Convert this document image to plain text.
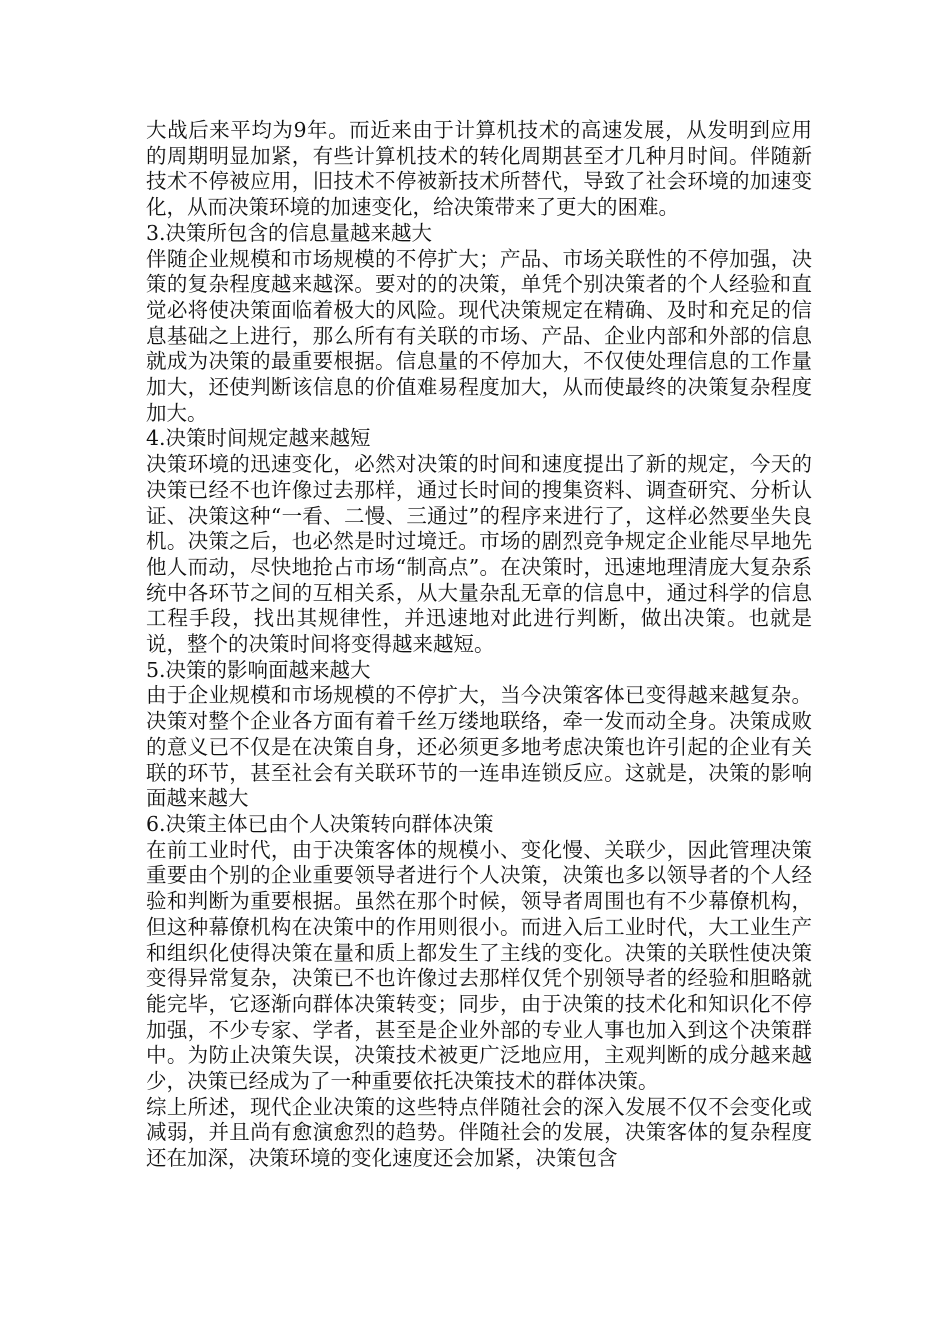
大战后来平均为9年。而近来由于计算机技术的高速发展，从发明到应用的周期明显加紧，有些计算机技术的转化周期甚至才几种月时间。伴随新技术不停被应用，旧技术不停被新技术所替代，导致了社会环境的加速变化，从而决策环境的加速变化，给决策带来了更大的困难。

3.决策所包含的信息量越来越大

伴随企业规模和市场规模的不停扩大；产品、市场关联性的不停加强，决策的复杂程度越来越深。要对的的决策，单凭个别决策者的个人经验和直觉必将使决策面临着极大的风险。现代决策规定在精确、及时和充足的信息基础之上进行，那么所有有关联的市场、产品、企业内部和外部的信息就成为决策的最重要根据。信息量的不停加大，不仅使处理信息的工作量加大，还使判断该信息的价值难易程度加大，从而使最终的决策复杂程度加大。

4.决策时间规定越来越短

决策环境的迅速变化，必然对决策的时间和速度提出了新的规定，今天的决策已经不也许像过去那样，通过长时间的搜集资料、调查研究、分析认证、决策这种“一看、二慢、三通过”的程序来进行了，这样必然要坐失良机。决策之后，也必然是时过境迁。市场的剧烈竞争规定企业能尽早地先他人而动，尽快地抢占市场“制高点”。在决策时，迅速地理清庞大复杂系统中各环节之间的互相关系，从大量杂乱无章的信息中，通过科学的信息工程手段，找出其规律性，并迅速地对此进行判断，做出决策。也就是说，整个的决策时间将变得越来越短。

5.决策的影响面越来越大

由于企业规模和市场规模的不停扩大，当今决策客体已变得越来越复杂。决策对整个企业各方面有着千丝万缕地联络，牵一发而动全身。决策成败的意义已不仅是在决策自身，还必须更多地考虑决策也许引起的企业有关联的环节，甚至社会有关联环节的一连串连锁反应。这就是，决策的影响面越来越大

6.决策主体已由个人决策转向群体决策

在前工业时代，由于决策客体的规模小、变化慢、关联少，因此管理决策重要由个别的企业重要领导者进行个人决策，决策也多以领导者的个人经验和判断为重要根据。虽然在那个时候，领导者周围也有不少幕僚机构，但这种幕僚机构在决策中的作用则很小。而进入后工业时代，大工业生产和组织化使得决策在量和质上都发生了主线的变化。决策的关联性使决策变得异常复杂，决策已不也许像过去那样仅凭个别领导者的经验和胆略就能完毕，它逐渐向群体决策转变；同步，由于决策的技术化和知识化不停加强，不少专家、学者，甚至是企业外部的专业人事也加入到这个决策群中。为防止决策失误，决策技术被更广泛地应用，主观判断的成分越来越少，决策已经成为了一种重要依托决策技术的群体决策。

综上所述，现代企业决策的这些特点伴随社会的深入发展不仅不会变化或减弱，并且尚有愈演愈烈的趋势。伴随社会的发展，决策客体的复杂程度还在加深，决策环境的变化速度还会加紧，决策包含
